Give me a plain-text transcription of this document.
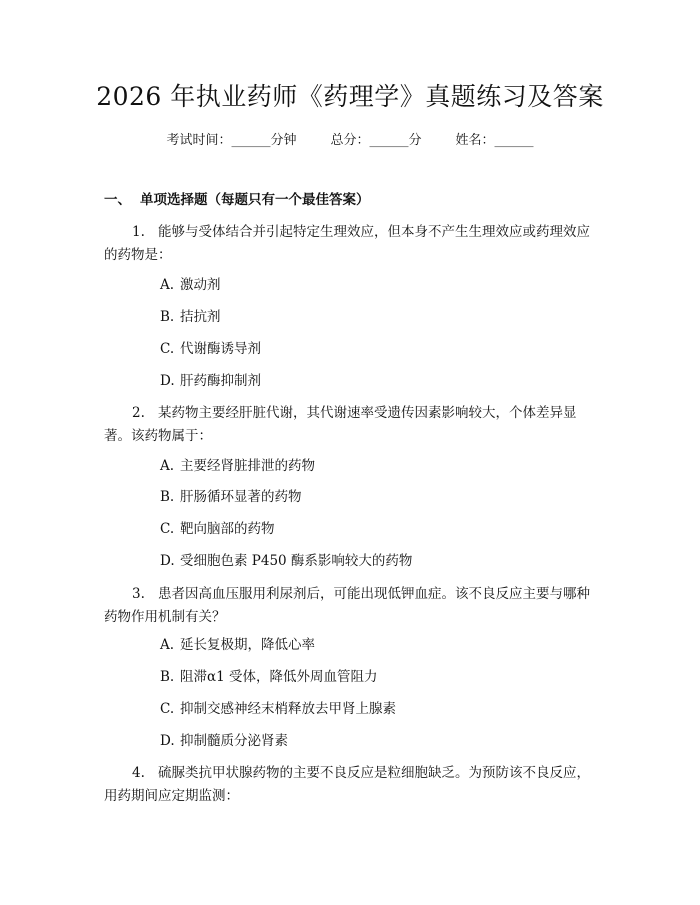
2026 年执业药师《药理学》真题练习及答案
考试时间：______分钟	总分：______分	姓名：______
一、 单项选择题（每题只有一个最佳答案）
1. 能够与受体结合并引起特定生理效应，但本身不产生生理效应或药理效应
的药物是：
A. 激动剂
B. 拮抗剂
C. 代谢酶诱导剂
D. 肝药酶抑制剂
2. 某药物主要经肝脏代谢，其代谢速率受遗传因素影响较大，个体差异显
著。该药物属于：
A. 主要经肾脏排泄的药物
B. 肝肠循环显著的药物
C. 靶向脑部的药物
D. 受细胞色素 P450 酶系影响较大的药物
3. 患者因高血压服用利尿剂后，可能出现低钾血症。该不良反应主要与哪种
药物作用机制有关？
A. 延长复极期，降低心率
B. 阻滞α1 受体，降低外周血管阻力
C. 抑制交感神经末梢释放去甲肾上腺素
D. 抑制髓质分泌肾素
4. 硫脲类抗甲状腺药物的主要不良反应是粒细胞缺乏。为预防该不良反应，
用药期间应定期监测：
